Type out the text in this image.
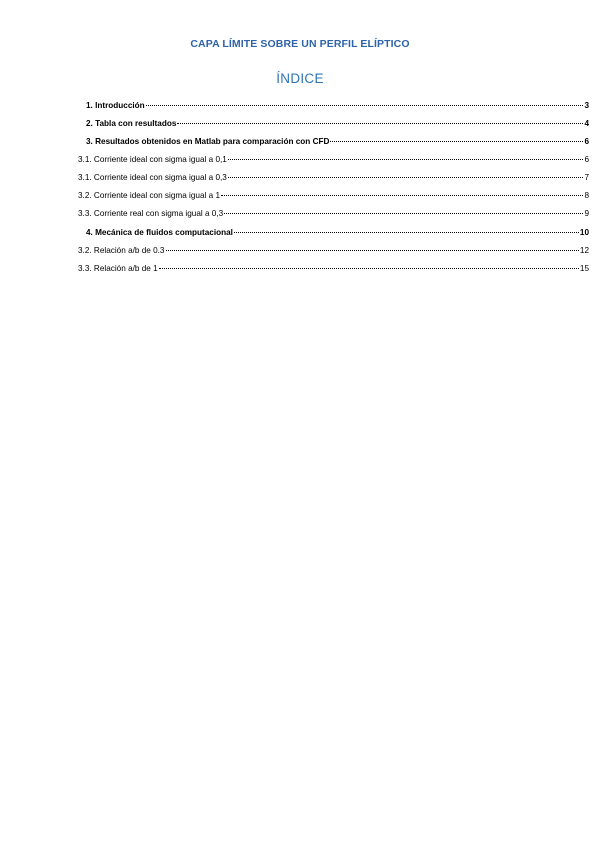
CAPA LÍMITE SOBRE UN PERFIL ELÍPTICO
ÍNDICE
1. Introducción	3
2. Tabla con resultados	4
3. Resultados obtenidos en Matlab para comparación con CFD	6
3.1. Corriente ideal con sigma igual a 0,1	6
3.1. Corriente ideal con sigma igual a 0,3	7
3.2. Corriente ideal con sigma igual a 1	8
3.3. Corriente real con sigma igual a 0,3	9
4. Mecánica de fluidos computacional	10
3.2. Relación a/b de 0.3	12
3.3. Relación a/b de 1	15
